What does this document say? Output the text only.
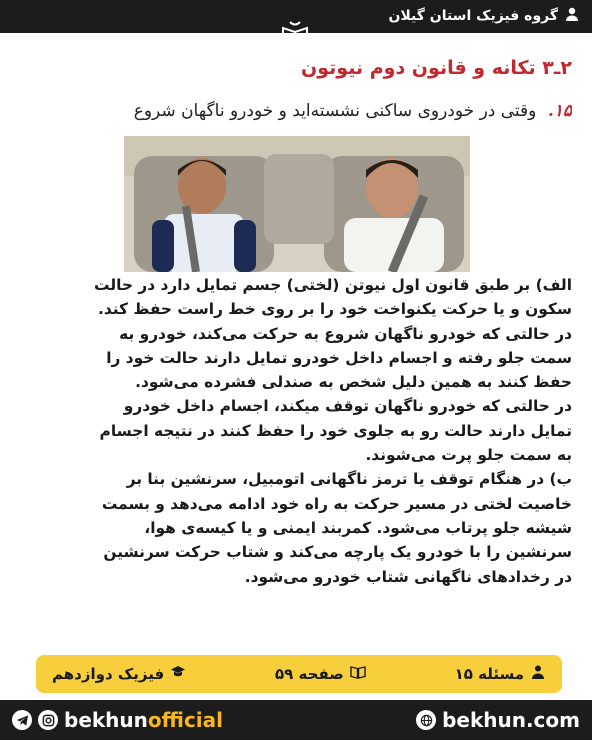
گروه فیزیک استان گیلان
۲ـ۳ تکانه و قانون دوم نیوتون
۱۵. وقتی در خودروی ساکنی نشسته‌اید و خودرو ناگهان شروع

الف) بر طبق قانون اول نیوتن (لختی) جسم تمایل دارد در حالت

سکون و یا حرکت یکنواخت خود را بر روی خط راست حفظ کند.

در حالتی که خودرو ناگهان شروع به حرکت می‌کند، خودرو به

سمت جلو رفته و اجسام داخل خودرو تمایل دارند حالت خود را

حفظ کنند به همین دلیل شخص به صندلی فشرده می‌شود.

در حالتی که خودرو ناگهان توقف میکند، اجسام داخل خودرو

تمایل دارند حالت رو به جلوی خود را حفظ کنند در نتیجه اجسام

به سمت جلو پرت می‌شوند.

ب) در هنگام توقف یا ترمز ناگهانی اتومبیل، سرنشین بنا بر

خاصیت لختی در مسیر حرکت به راه خود ادامه می‌دهد و بسمت

شیشه جلو پرتاب می‌شود. کمربند ایمنی و یا کیسه‌ی هوا،

سرنشین را با خودرو یک پارچه می‌کند و شتاب حرکت سرنشین

در رخدادهای ناگهانی شتاب خودرو می‌شود.

مسئله ۱۵
صفحه ۵۹
فیزیک دوازدهم
bekhun official	bekhun.com
